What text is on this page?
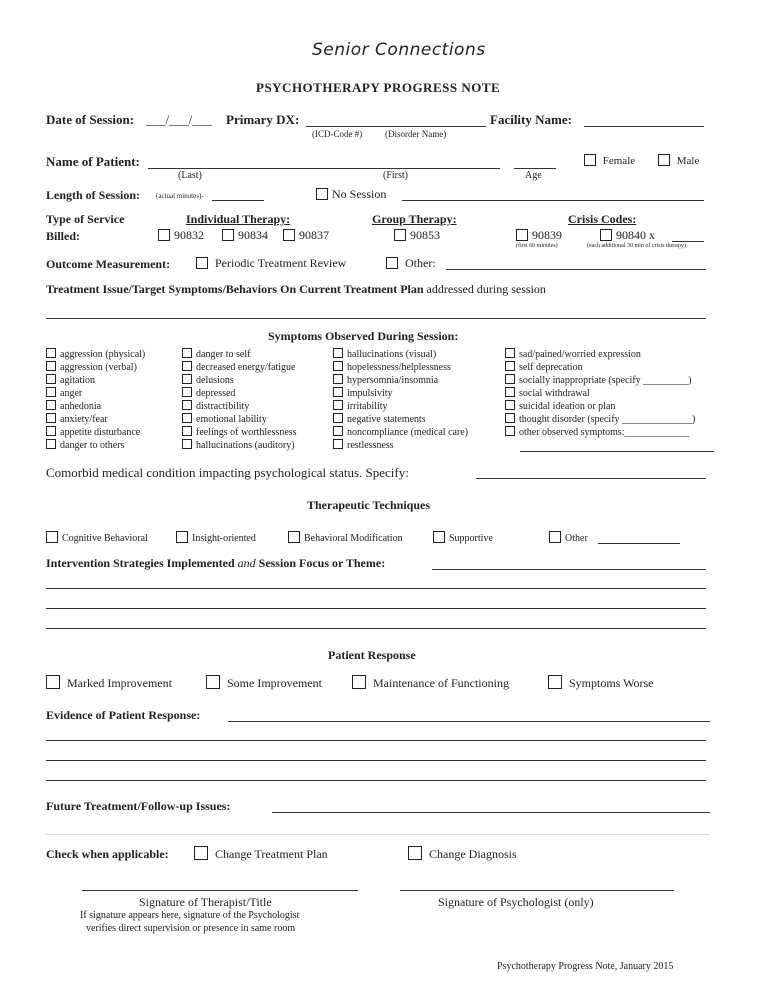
Senior Connections
PSYCHOTHERAPY PROGRESS NOTE
Date of Session: ___/___/___ Primary DX:	Facility Name:
(ICD-Code #)	(Disorder Name)
Name of Patient:	Female	Male
(Last)	(First)	Age
Length of Session: (actual minutes)-	No Session
Type of Service
Billed:
Individual Therapy:
90832	90834	90837
Group Therapy:
90853
Crisis Codes:
90839	90840 x
(first 60 minutes)	(each additional 30 min of crisis therapy)
Outcome Measurement:	Periodic Treatment Review	Other:
Treatment Issue/Target Symptoms/Behaviors On Current Treatment Plan addressed during session
Symptoms Observed During Session:
aggression (physical)
aggression (verbal)
agitation
anger
anhedonia
anxiety/fear
appetite disturbance
danger to others
danger to self
decreased energy/fatigue
delusions
depressed
distractibility
emotional lability
feelings of worthlessness
hallucinations (auditory)
hallucinations (visual)
hopelessness/helplessness
hypersomnia/insomnia
impulsivity
irritability
negative statements
noncompliance (medical care)
restlessness
sad/pained/worried expression
self deprecation
socially inappropriate (specify _________)
social withdrawal
suicidal ideation or plan
thought disorder (specify ______________)
other observed symptoms:_____________
Comorbid medical condition impacting psychological status. Specify:
Therapeutic Techniques
Cognitive Behavioral	Insight-oriented	Behavioral Modification	Supportive	Other
Intervention Strategies Implemented and Session Focus or Theme:
Patient Response
Marked Improvement	Some Improvement	Maintenance of Functioning	Symptoms Worse
Evidence of Patient Response:
Future Treatment/Follow-up Issues:
Check when applicable:	Change Treatment Plan	Change Diagnosis
Signature of Therapist/Title	Signature of Psychologist (only)
If signature appears here, signature of the Psychologist
verifies direct supervision or presence in same room
Psychotherapy Progress Note, January 2015
